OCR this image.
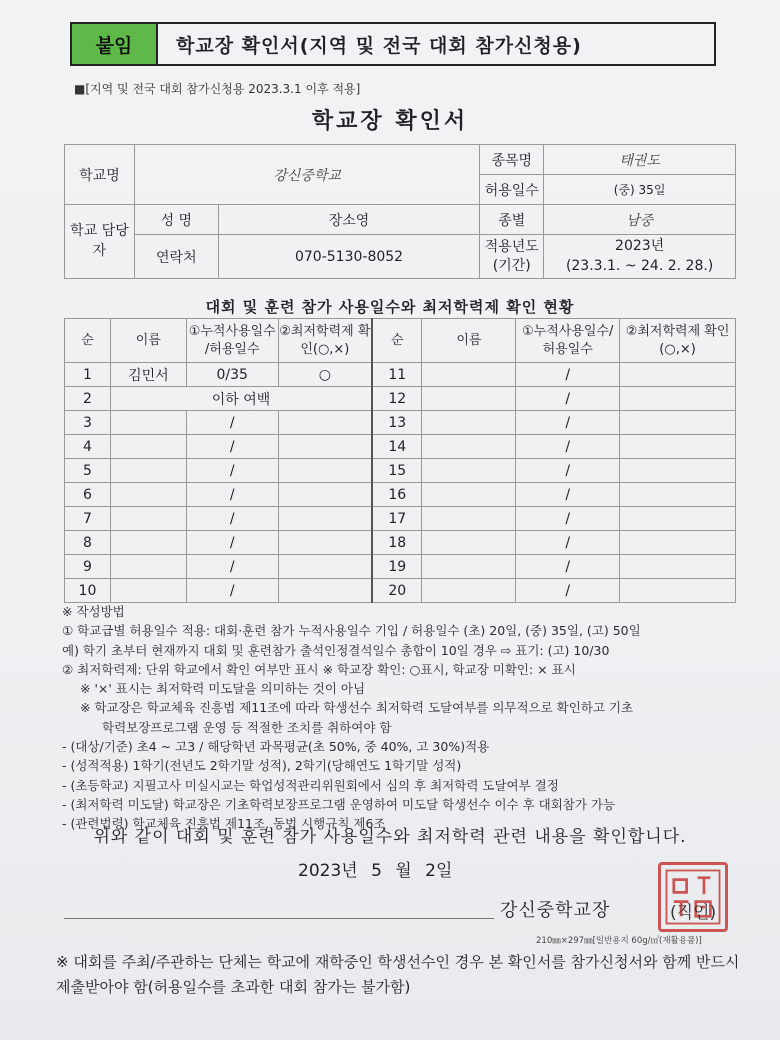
붙임	학교장 확인서(지역 및 전국 대회 참가신청용)
■[지역 및 전국 대회 참가신청용 2023.3.1 이후 적용]
학교장 확인서
학교명	강신중학교		종목명	태권도
			허용일수	(중) 35일
학교 담당자	성 명	장소영	종별	남중
	연락처	070-5130-8052	적용년도 (기간)	2023년
(23.3.1. ~ 24. 2. 28.)
대회 및 훈련 참가 사용일수와 최저학력제 확인 현황
순	이름	①누적사용일수 /허용일수	②최저학력제 확인(○,×)	순	이름	①누적사용일수/ 허용일수	②최저학력제 확인(○,×)
1	김민서	0/35	○	11		/	
2	이하 여백			12		/	
3		/		13		/	
4		/		14		/	
5		/		15		/	
6		/		16		/	
7		/		17		/	
8		/		18		/	
9		/		19		/	
10		/		20		/	
※ 작성방법
① 학교급별 허용일수 적용: 대회·훈련 참가 누적사용일수 기입 / 허용일수 (초) 20일, (중) 35일, (고) 50일
예) 학기 초부터 현재까지 대회 및 훈련참가 출석인정결석일수 총합이 10일 경우 ⇨ 표기: (고) 10/30
② 최저학력제: 단위 학교에서 확인 여부만 표시 ※ 학교장 확인: ○표시, 학교장 미확인: × 표시
※ '×' 표시는 최저학력 미도달을 의미하는 것이 아님
※ 학교장은 학교체육 진흥법 제11조에 따라 학생선수 최저학력 도달여부를 의무적으로 확인하고 기초
학력보장프로그램 운영 등 적절한 조치를 취하여야 함
- (대상/기준) 초4 ~ 고3 / 해당학년 과목평균(초 50%, 중 40%, 고 30%)적용
- (성적적용) 1학기(전년도 2학기말 성적), 2학기(당해연도 1학기말 성적)
- (초등학교) 지필고사 미실시교는 학업성적관리위원회에서 심의 후 최저학력 도달여부 결정
- (최저학력 미도달) 학교장은 기초학력보장프로그램 운영하여 미도달 학생선수 이수 후 대회참가 가능
- (관련법령) 학교체육 진흥법 제11조, 동법 시행규칙 제6조
위와 같이 대회 및 훈련 참가 사용일수와 최저학력 관련 내용을 확인합니다.
2023년 5 월 2일
강신중학교장	(직인)
210㎜×297㎜[일반용지 60g/㎡(재활용품)]
※ 대회를 주최/주관하는 단체는 학교에 재학중인 학생선수인 경우 본 확인서를 참가신청서와 함께 반드시 제출받아야 함(허용일수를 초과한 대회 참가는 불가함)
